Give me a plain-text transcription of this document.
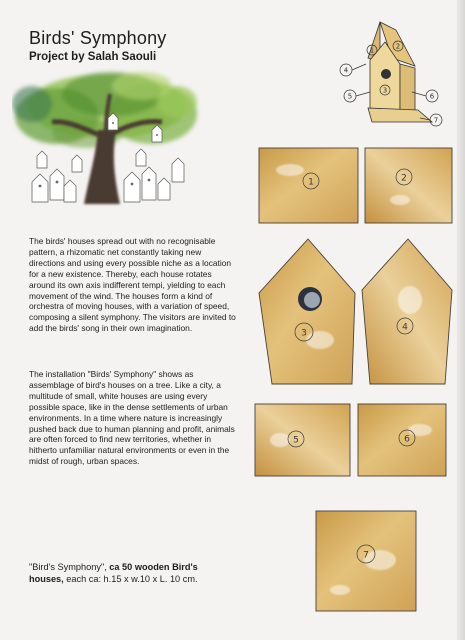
Birds' Symphony
Project by Salah Saouli

The birds' houses spread out with no recognisable pattern, a rhizomatic net constantly taking new directions and using every possible niche as a location for a new existence. Thereby, each house rotates around its own axis indifferent tempi, yielding to each movement of the wind. The houses form a kind of orchestra of moving houses, with a variation of speed, composing a silent symphony. The visitors are invited to add the birds' song in their own imagination.

The installation "Birds' Symphony" shows as assemblage of bird's houses on a tree. Like a city, a multitude of small, white houses are using every possible space, like in the dense settlements of urban environments. In a time where nature is increasingly pushed back due to human planning and profit, animals are often forced to find new territories, whether in hitherto unfamiliar natural environments or even in the midst of rough, urban spaces.

"Bird's Symphony", ca 50 wooden Bird's houses, each ca: h.15 x w.10 x L. 10 cm.

1	2
3
4
5	6
7
1	2
3
4
5	6
7
